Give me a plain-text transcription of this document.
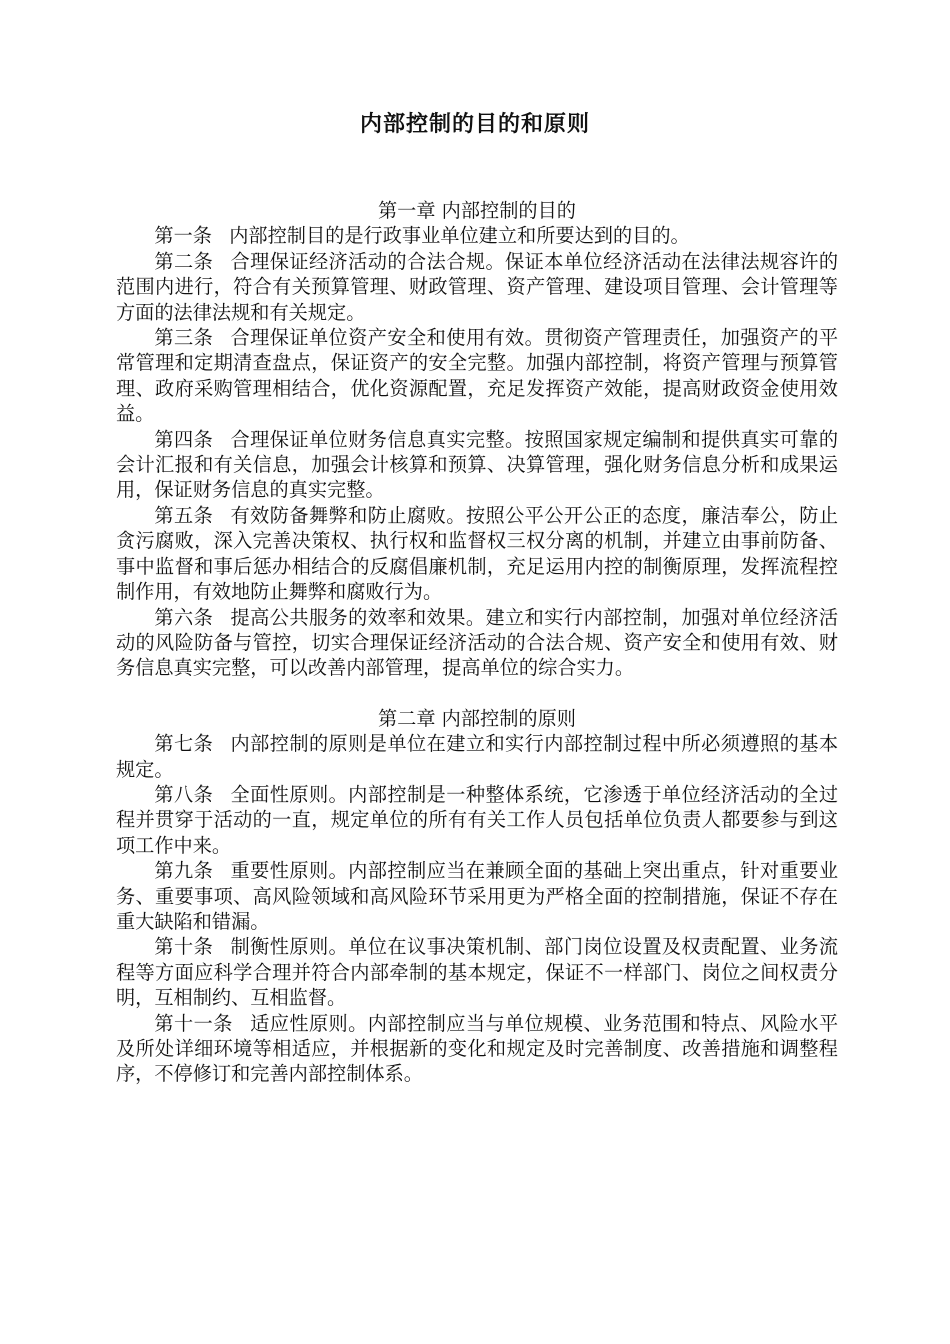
内部控制的目的和原则

第一章 内部控制的目的

第一条 内部控制目的是行政事业单位建立和所要达到的目的。

第二条 合理保证经济活动的合法合规。保证本单位经济活动在法律法规容许的范围内进行，符合有关预算管理、财政管理、资产管理、建设项目管理、会计管理等方面的法律法规和有关规定。

第三条 合理保证单位资产安全和使用有效。贯彻资产管理责任，加强资产的平常管理和定期清查盘点，保证资产的安全完整。加强内部控制，将资产管理与预算管理、政府采购管理相结合，优化资源配置，充足发挥资产效能，提高财政资金使用效益。

第四条 合理保证单位财务信息真实完整。按照国家规定编制和提供真实可靠的会计汇报和有关信息，加强会计核算和预算、决算管理，强化财务信息分析和成果运用，保证财务信息的真实完整。

第五条 有效防备舞弊和防止腐败。按照公平公开公正的态度，廉洁奉公，防止贪污腐败，深入完善决策权、执行权和监督权三权分离的机制，并建立由事前防备、事中监督和事后惩办相结合的反腐倡廉机制，充足运用内控的制衡原理，发挥流程控制作用，有效地防止舞弊和腐败行为。

第六条 提高公共服务的效率和效果。建立和实行内部控制，加强对单位经济活动的风险防备与管控，切实合理保证经济活动的合法合规、资产安全和使用有效、财务信息真实完整，可以改善内部管理，提高单位的综合实力。

第二章 内部控制的原则

第七条 内部控制的原则是单位在建立和实行内部控制过程中所必须遵照的基本规定。

第八条 全面性原则。内部控制是一种整体系统，它渗透于单位经济活动的全过程并贯穿于活动的一直，规定单位的所有有关工作人员包括单位负责人都要参与到这项工作中来。

第九条 重要性原则。内部控制应当在兼顾全面的基础上突出重点，针对重要业务、重要事项、高风险领域和高风险环节采用更为严格全面的控制措施，保证不存在重大缺陷和错漏。

第十条 制衡性原则。单位在议事决策机制、部门岗位设置及权责配置、业务流程等方面应科学合理并符合内部牵制的基本规定，保证不一样部门、岗位之间权责分明，互相制约、互相监督。

第十一条 适应性原则。内部控制应当与单位规模、业务范围和特点、风险水平及所处详细环境等相适应，并根据新的变化和规定及时完善制度、改善措施和调整程序，不停修订和完善内部控制体系。
